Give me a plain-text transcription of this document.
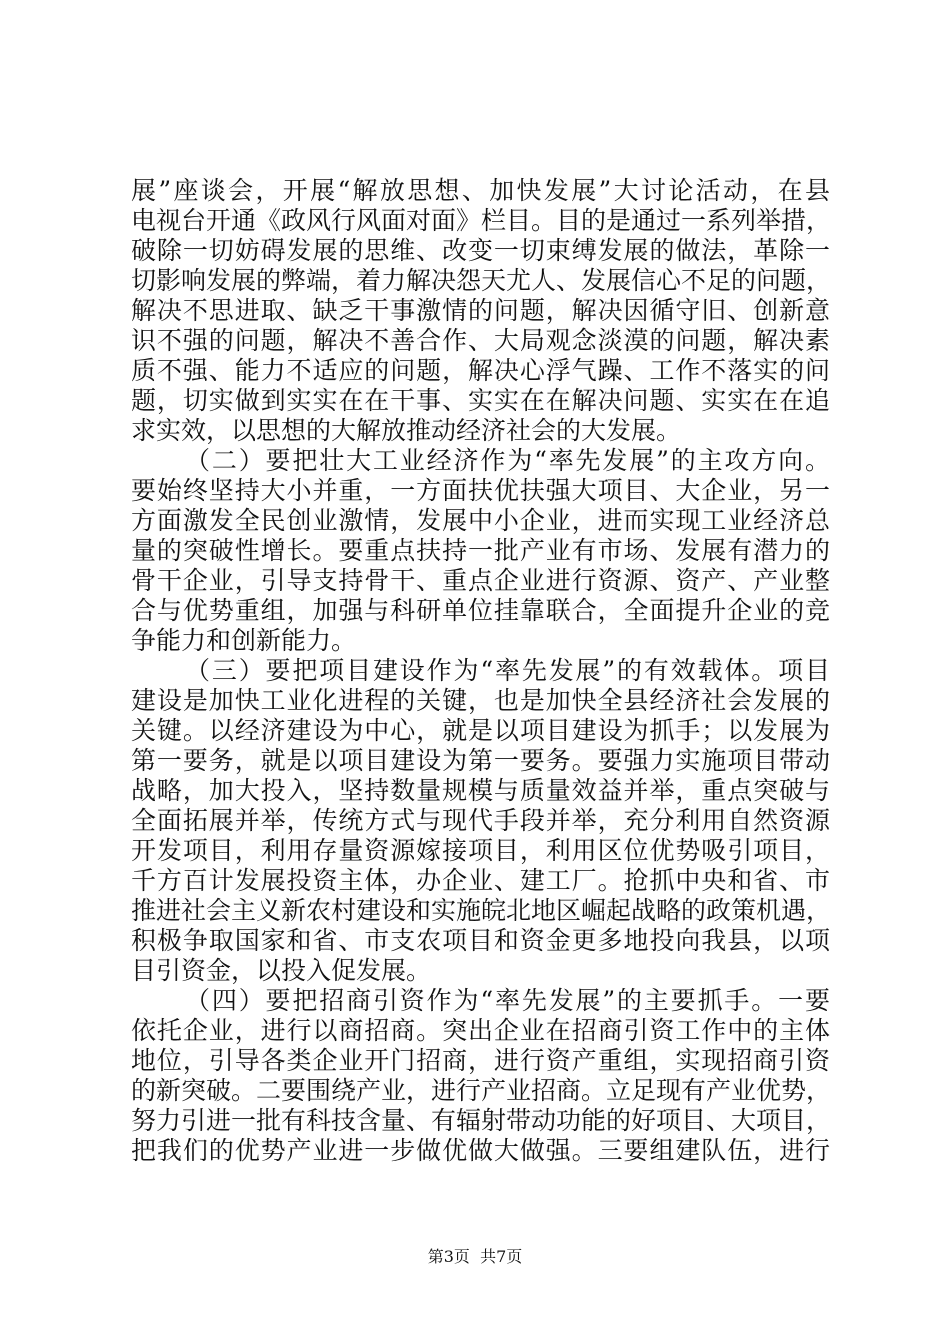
展”座谈会，开展“解放思想、加快发展”大讨论活动，在县
电视台开通《政风行风面对面》栏目。目的是通过一系列举措，
破除一切妨碍发展的思维、改变一切束缚发展的做法，革除一
切影响发展的弊端，着力解决怨天尤人、发展信心不足的问题，
解决不思进取、缺乏干事激情的问题，解决因循守旧、创新意
识不强的问题，解决不善合作、大局观念淡漠的问题，解决素
质不强、能力不适应的问题，解决心浮气躁、工作不落实的问
题，切实做到实实在在干事、实实在在解决问题、实实在在追
求实效，以思想的大解放推动经济社会的大发展。
（二）要把壮大工业经济作为“率先发展”的主攻方向。
要始终坚持大小并重，一方面扶优扶强大项目、大企业，另一
方面激发全民创业激情，发展中小企业，进而实现工业经济总
量的突破性增长。要重点扶持一批产业有市场、发展有潜力的
骨干企业，引导支持骨干、重点企业进行资源、资产、产业整
合与优势重组，加强与科研单位挂靠联合，全面提升企业的竞
争能力和创新能力。
（三）要把项目建设作为“率先发展”的有效载体。项目
建设是加快工业化进程的关键，也是加快全县经济社会发展的
关键。以经济建设为中心，就是以项目建设为抓手；以发展为
第一要务，就是以项目建设为第一要务。要强力实施项目带动
战略，加大投入，坚持数量规模与质量效益并举，重点突破与
全面拓展并举，传统方式与现代手段并举，充分利用自然资源
开发项目，利用存量资源嫁接项目，利用区位优势吸引项目，
千方百计发展投资主体，办企业、建工厂。抢抓中央和省、市
推进社会主义新农村建设和实施皖北地区崛起战略的政策机遇，
积极争取国家和省、市支农项目和资金更多地投向我县，以项
目引资金，以投入促发展。
（四）要把招商引资作为“率先发展”的主要抓手。一要
依托企业，进行以商招商。突出企业在招商引资工作中的主体
地位，引导各类企业开门招商，进行资产重组，实现招商引资
的新突破。二要围绕产业，进行产业招商。立足现有产业优势，
努力引进一批有科技含量、有辐射带动功能的好项目、大项目，
把我们的优势产业进一步做优做大做强。三要组建队伍，进行
第3页  共7页
